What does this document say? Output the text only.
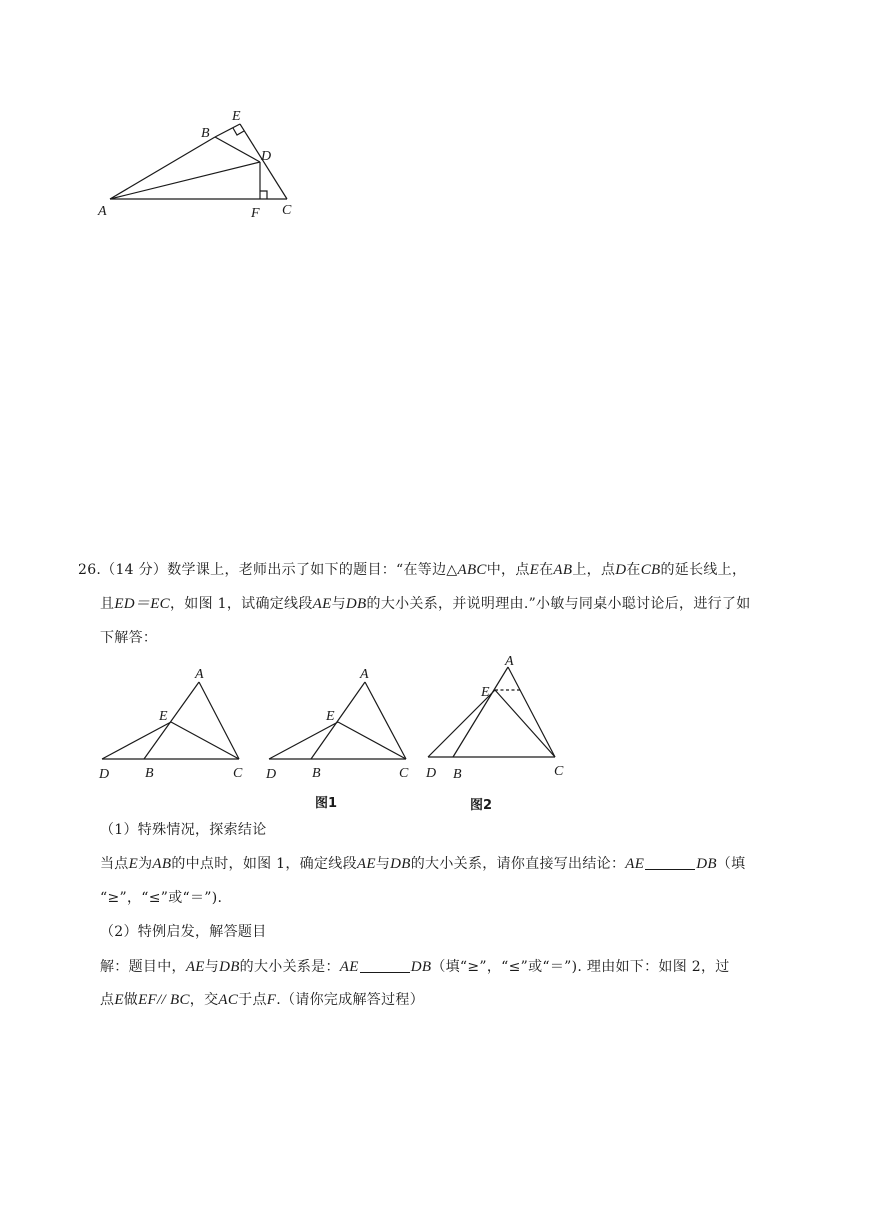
A
B
E
D
F C
26.（14 分）数学课上，老师出示了如下的题目：“在等边△ABC中，点E在AB上，点D在CB的延长线上，
且ED＝EC，如图 1，试确定线段AE与DB的大小关系，并说明理由.”小敏与同桌小聪讨论后，进行了如
下解答：
A
E
D	B	C
A
E
D	B	C
A
E
D B	C
图1	图2
（1）特殊情况，探索结论
当点E为AB的中点时，如图 1，确定线段AE与DB的大小关系，请你直接写出结论：AE	DB（填
“≥”，“≤”或“＝”).
（2）特例启发，解答题目
解：题目中，AE与DB的大小关系是：AE	DB（填“≥”，“≤”或“＝”). 理由如下：如图 2，过
点E做EF// BC，交AC于点F.（请你完成解答过程）
